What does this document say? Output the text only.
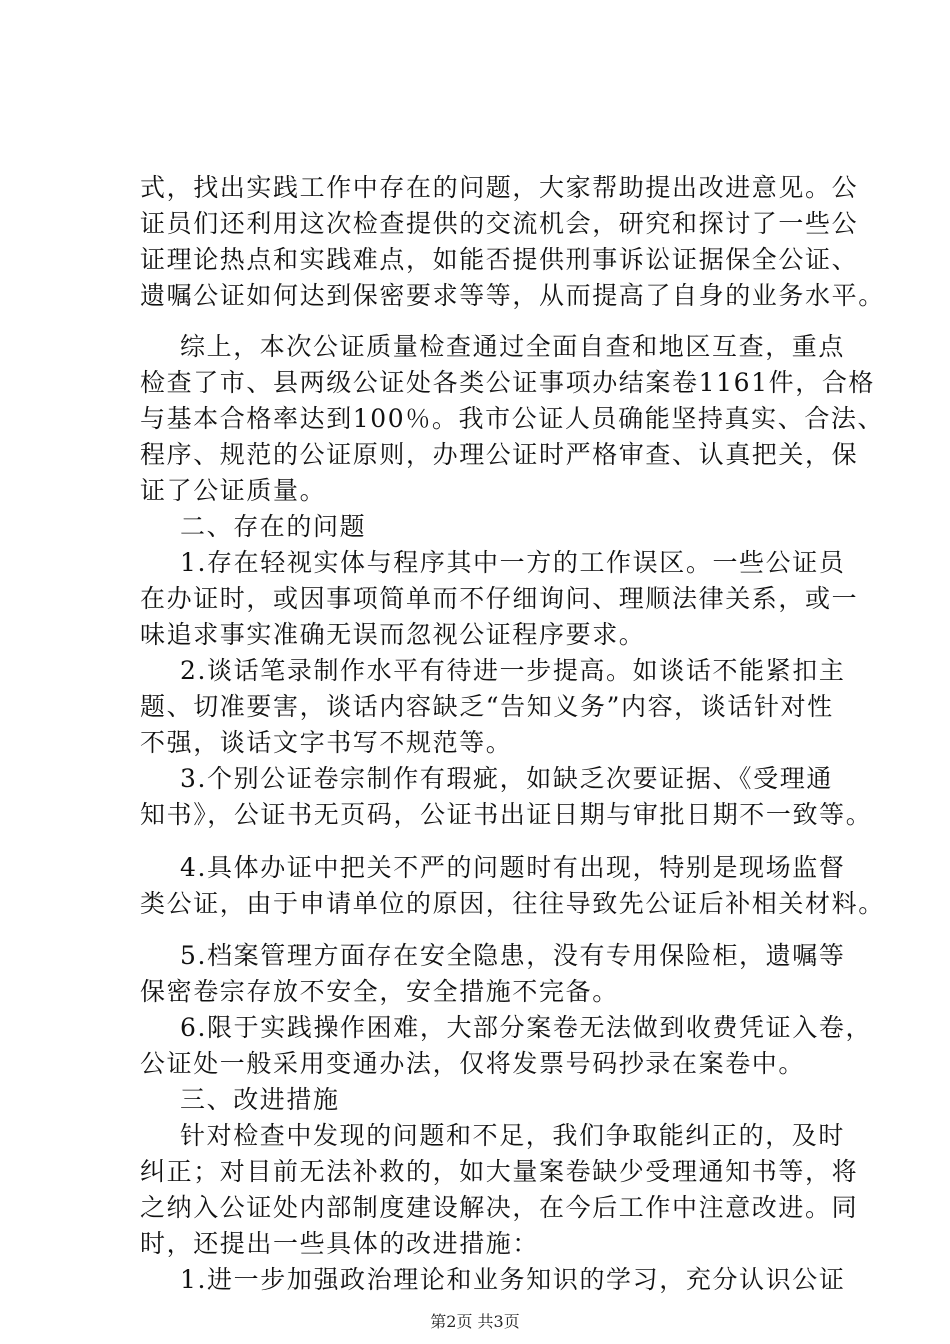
式，找出实践工作中存在的问题，大家帮助提出改进意见。公
证员们还利用这次检查提供的交流机会，研究和探讨了一些公
证理论热点和实践难点，如能否提供刑事诉讼证据保全公证、
遗嘱公证如何达到保密要求等等，从而提高了自身的业务水平。
综上，本次公证质量检查通过全面自查和地区互查，重点
检查了市、县两级公证处各类公证事项办结案卷1161件，合格
与基本合格率达到100％。我市公证人员确能坚持真实、合法、
程序、规范的公证原则，办理公证时严格审查、认真把关，保
证了公证质量。
二、存在的问题
1.存在轻视实体与程序其中一方的工作误区。一些公证员
在办证时，或因事项简单而不仔细询问、理顺法律关系，或一
味追求事实准确无误而忽视公证程序要求。
2.谈话笔录制作水平有待进一步提高。如谈话不能紧扣主
题、切准要害，谈话内容缺乏“告知义务”内容，谈话针对性
不强，谈话文字书写不规范等。
3.个别公证卷宗制作有瑕疵，如缺乏次要证据、《受理通
知书》，公证书无页码，公证书出证日期与审批日期不一致等。
4.具体办证中把关不严的问题时有出现，特别是现场监督
类公证，由于申请单位的原因，往往导致先公证后补相关材料。
5.档案管理方面存在安全隐患，没有专用保险柜，遗嘱等
保密卷宗存放不安全，安全措施不完备。
6.限于实践操作困难，大部分案卷无法做到收费凭证入卷，
公证处一般采用变通办法，仅将发票号码抄录在案卷中。
三、改进措施
针对检查中发现的问题和不足，我们争取能纠正的，及时
纠正；对目前无法补救的，如大量案卷缺少受理通知书等，将
之纳入公证处内部制度建设解决，在今后工作中注意改进。同
时，还提出一些具体的改进措施：
1.进一步加强政治理论和业务知识的学习，充分认识公证
第2页 共3页
